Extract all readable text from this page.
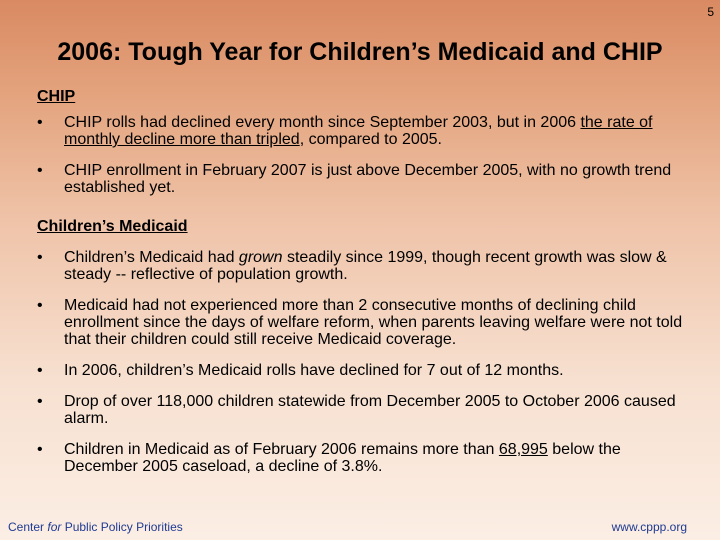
5
2006: Tough Year for Children’s Medicaid and CHIP
CHIP
• CHIP rolls had declined every month since September 2003, but in 2006 the rate of monthly decline more than tripled, compared to 2005.
• CHIP enrollment in February 2007 is just above December 2005, with no growth trend established yet.
Children’s Medicaid
• Children’s Medicaid had grown steadily since 1999, though recent growth was slow & steady -- reflective of population growth.
• Medicaid had not experienced more than 2 consecutive months of declining child enrollment since the days of welfare reform, when parents leaving welfare were not told that their children could still receive Medicaid coverage.
• In 2006, children’s Medicaid rolls have declined for 7 out of 12 months.
• Drop of over 118,000 children statewide from December 2005 to October 2006 caused alarm.
• Children in Medicaid as of February 2006 remains more than 68,995 below the December 2005 caseload, a decline of 3.8%.
Center for Public Policy Priorities	www.cppp.org
